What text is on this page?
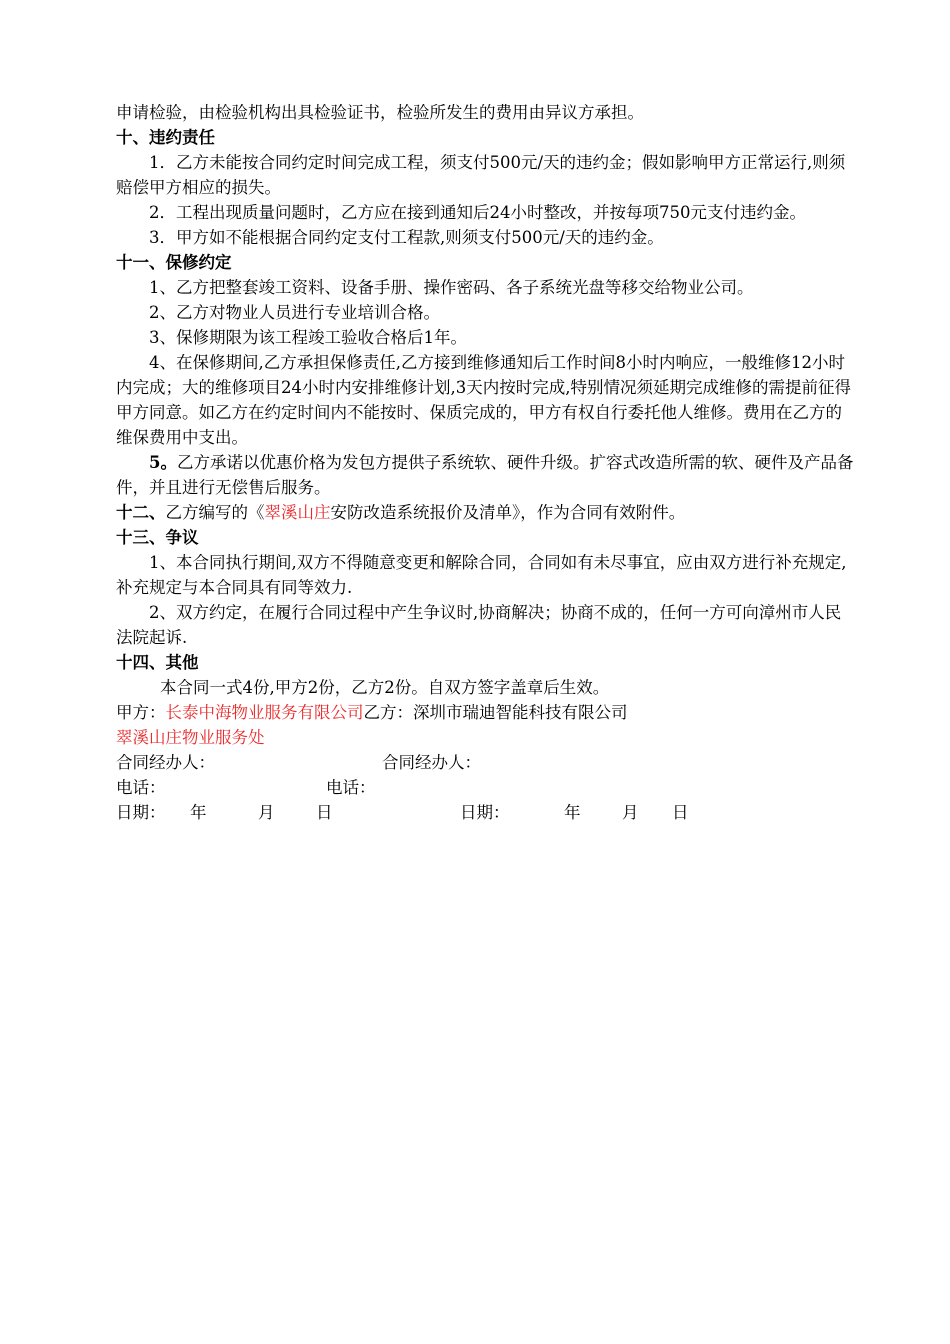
申请检验，由检验机构出具检验证书，检验所发生的费用由异议方承担。
十、违约责任
1．乙方未能按合同约定时间完成工程，须支付500元/天的违约金；假如影响甲方正常运行,则须赔偿甲方相应的损失。
2．工程出现质量问题时，乙方应在接到通知后24小时整改，并按每项750元支付违约金。
3．甲方如不能根据合同约定支付工程款,则须支付500元/天的违约金。
十一、保修约定
1、乙方把整套竣工资料、设备手册、操作密码、各子系统光盘等移交给物业公司。
2、乙方对物业人员进行专业培训合格。
3、保修期限为该工程竣工验收合格后1年。
4、在保修期间,乙方承担保修责任,乙方接到维修通知后工作时间8小时内响应，一般维修12小时内完成；大的维修项目24小时内安排维修计划,3天内按时完成,特别情况须延期完成维修的需提前征得甲方同意。如乙方在约定时间内不能按时、保质完成的，甲方有权自行委托他人维修。费用在乙方的维保费用中支出。
5。乙方承诺以优惠价格为发包方提供子系统软、硬件升级。扩容式改造所需的软、硬件及产品备件，并且进行无偿售后服务。
十二、乙方编写的《翠溪山庄安防改造系统报价及清单》，作为合同有效附件。
十三、争议
1、本合同执行期间,双方不得随意变更和解除合同，合同如有未尽事宜，应由双方进行补充规定,补充规定与本合同具有同等效力.
2、双方约定，在履行合同过程中产生争议时,协商解决；协商不成的，任何一方可向漳州市人民法院起诉.
十四、其他
本合同一式4份,甲方2份，乙方2份。自双方签字盖章后生效。
甲方：长泰中海物业服务有限公司乙方：深圳市瑞迪智能科技有限公司
翠溪山庄物业服务处
合同经办人：	合同经办人：
电话：	电话：
日期： 年	月	日	日期：	年	月 日
